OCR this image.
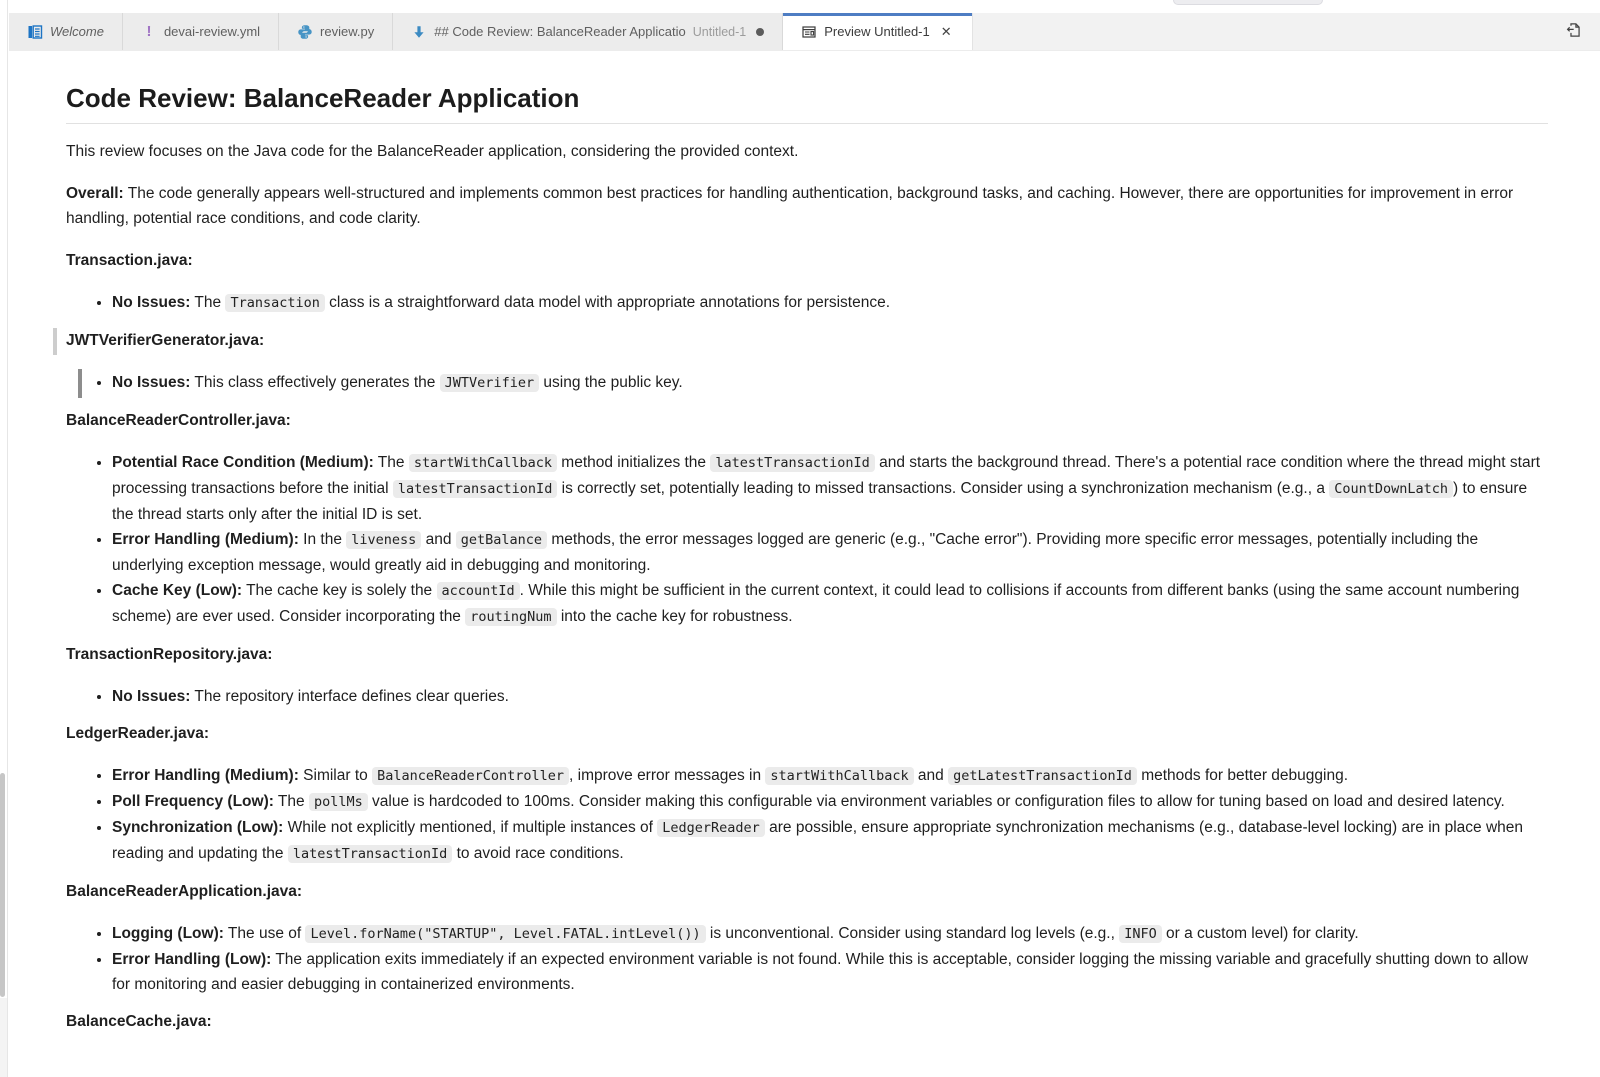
Welcome	! devai-review.yml	review.py	## Code Review: BalanceReader Applicatio Untitled-1	Preview Untitled-1 ✕
Code Review: BalanceReader Application

This review focuses on the Java code for the BalanceReader application, considering the provided context.

Overall: The code generally appears well-structured and implements common best practices for handling authentication, background tasks, and caching. However, there are opportunities for improvement in error handling, potential race conditions, and code clarity.

Transaction.java:

• No Issues: The Transaction class is a straightforward data model with appropriate annotations for persistence.

JWTVerifierGenerator.java:

• No Issues: This class effectively generates the JWTVerifier using the public key.

BalanceReaderController.java:

• Potential Race Condition (Medium): The startWithCallback method initializes the latestTransactionId and starts the background thread. There's a potential race condition where the thread might start processing transactions before the initial latestTransactionId is correctly set, potentially leading to missed transactions. Consider using a synchronization mechanism (e.g., a CountDownLatch ) to ensure the thread starts only after the initial ID is set.
• Error Handling (Medium): In the liveness and getBalance methods, the error messages logged are generic (e.g., "Cache error"). Providing more specific error messages, potentially including the underlying exception message, would greatly aid in debugging and monitoring.
• Cache Key (Low): The cache key is solely the accountId . While this might be sufficient in the current context, it could lead to collisions if accounts from different banks (using the same account numbering scheme) are ever used. Consider incorporating the routingNum into the cache key for robustness.

TransactionRepository.java:

• No Issues: The repository interface defines clear queries.

LedgerReader.java:

• Error Handling (Medium): Similar to BalanceReaderController , improve error messages in startWithCallback and getLatestTransactionId methods for better debugging.
• Poll Frequency (Low): The pollMs value is hardcoded to 100ms. Consider making this configurable via environment variables or configuration files to allow for tuning based on load and desired latency.
• Synchronization (Low): While not explicitly mentioned, if multiple instances of LedgerReader are possible, ensure appropriate synchronization mechanisms (e.g., database-level locking) are in place when reading and updating the latestTransactionId to avoid race conditions.

BalanceReaderApplication.java:

• Logging (Low): The use of Level.forName("STARTUP", Level.FATAL.intLevel()) is unconventional. Consider using standard log levels (e.g., INFO or a custom level) for clarity.
• Error Handling (Low): The application exits immediately if an expected environment variable is not found. While this is acceptable, consider logging the missing variable and gracefully shutting down to allow for monitoring and easier debugging in containerized environments.

BalanceCache.java:
